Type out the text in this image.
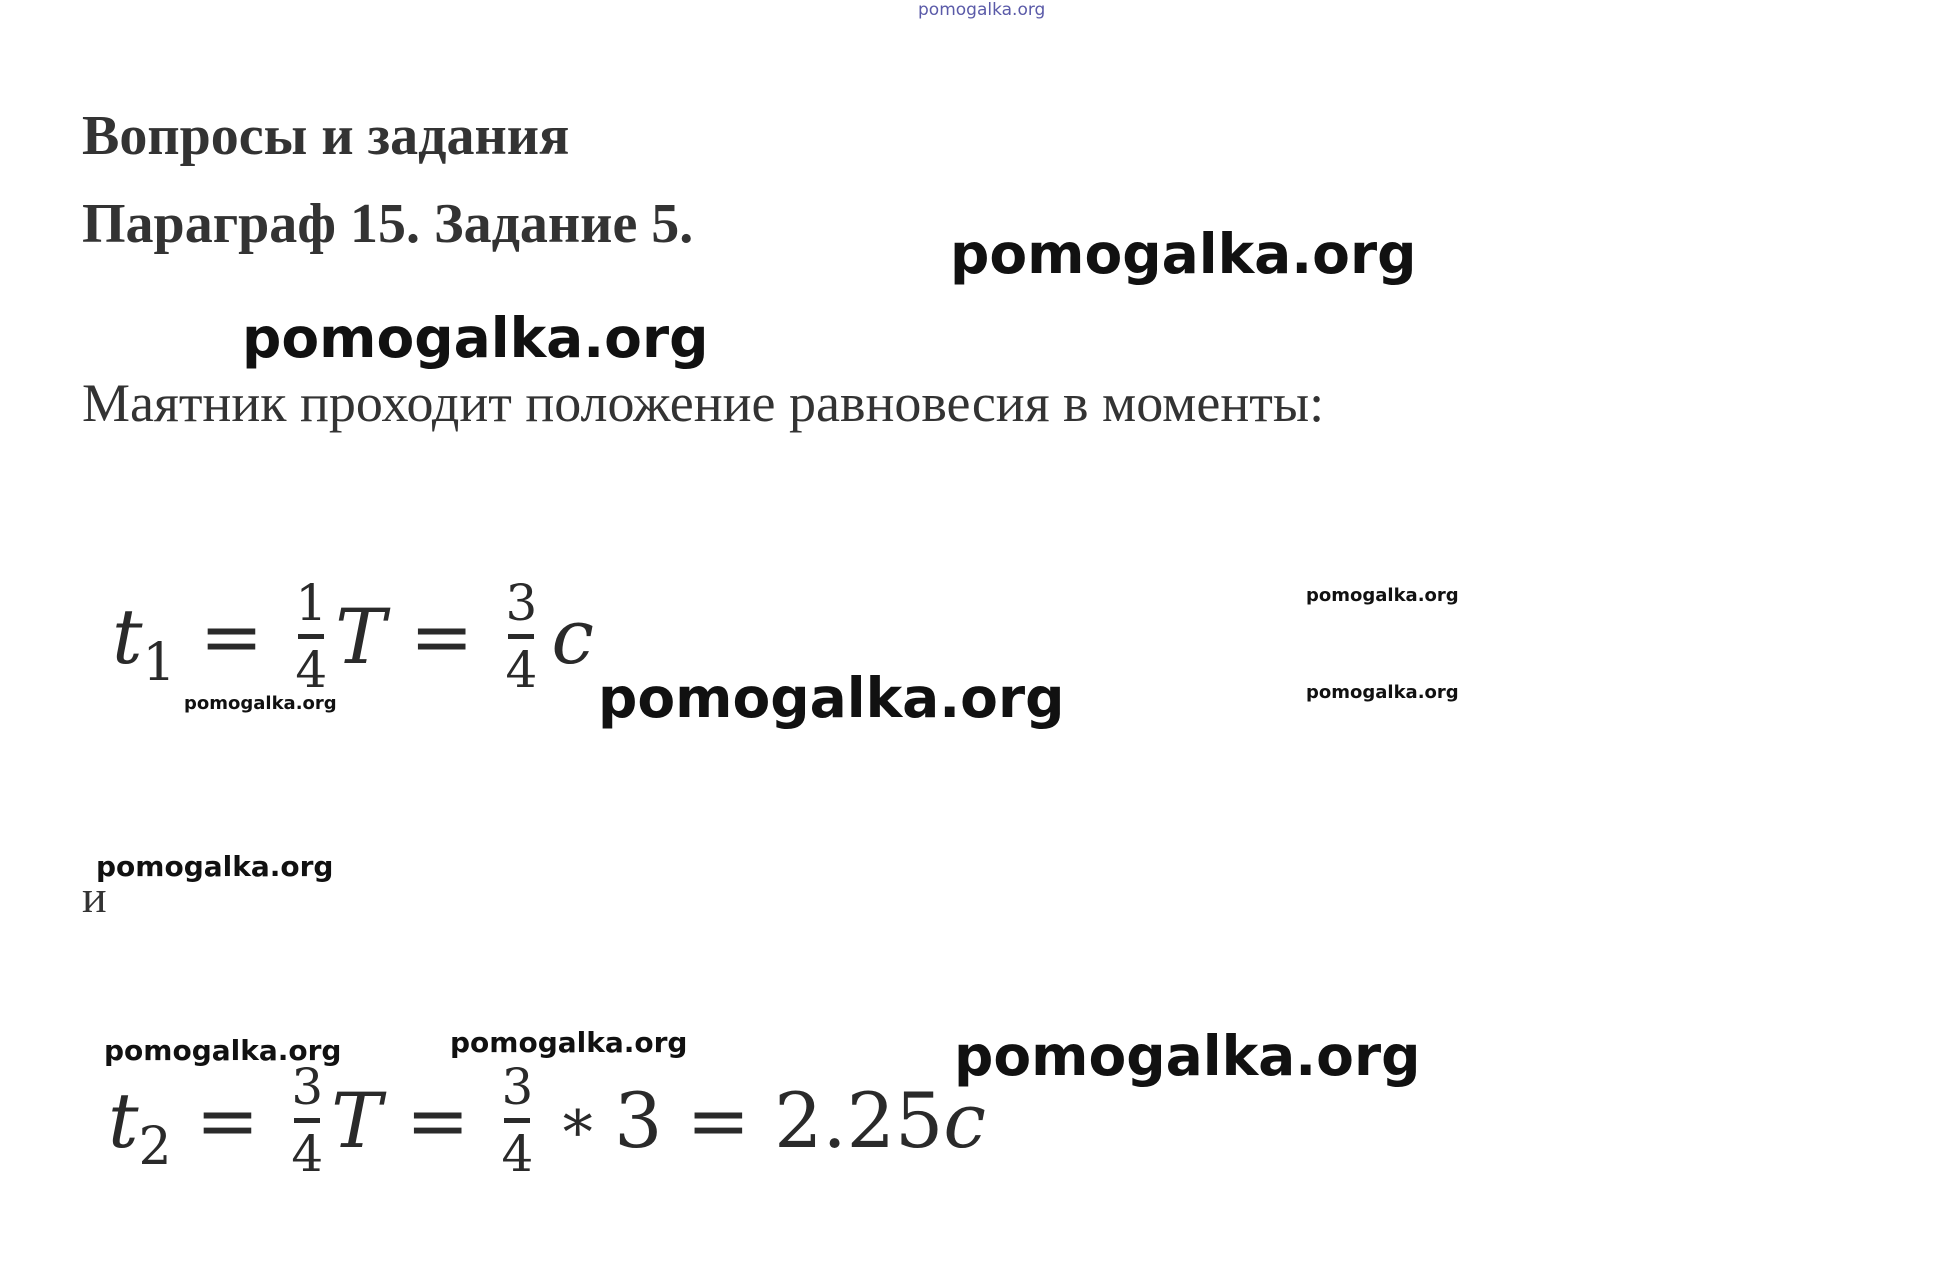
pomogalka.org
Вопросы и задания
Параграф 15. Задание 5.	pomogalka.org
pomogalka.org
Маятник проходит положение равновесия в моменты:
t 1 = 1
4 T = 3
4 c
pomogalka.org	pomogalka.org
pomogalka.org
pomogalka.org
и
pomogalka.org
pomogalka.org	pomogalka.org	pomogalka.org
t 2 = 3
4 T = 3
4 ∗ 3 = 2.25 c
